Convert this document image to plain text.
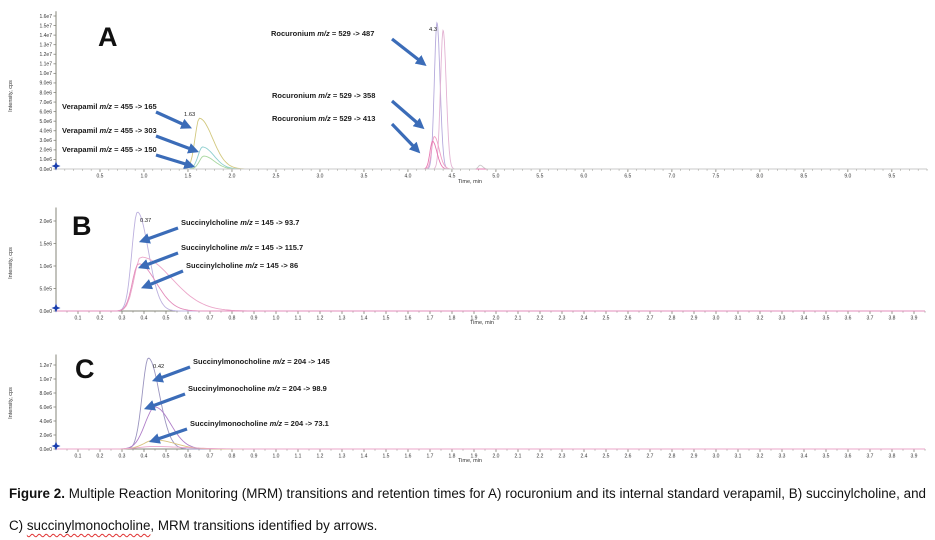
0.0e0
1.0e6
2.0e6
3.0e6
4.0e6
5.0e6
6.0e6
7.0e6
8.0e6
9.0e6
1.0e7
1.1e7
1.2e7
1.3e7
1.4e7
1.5e7
1.6e7
0.5	1.0	1.5	2.0	2.5	3.0	3.5	4.0	4.5	5.0	5.5	6.0	6.5	7.0	7.5	8.0	8.5	9.0	9.5
Time, min
Intensity, cps
A
1.63
4.3
Verapamil m/z = 455 -> 165
Verapamil m/z = 455 -> 303
Verapamil m/z = 455 -> 150
Rocuronium m/z = 529 -> 487
Rocuronium m/z = 529 -> 358
Rocuronium m/z = 529 -> 413
0.0e0
5.0e5
1.0e6
1.5e6
2.0e6
0.1	0.2	0.3	0.4	0.5	0.6	0.7	0.8	0.9	1.0	1.1	1.2	1.3	1.4	1.5	1.6	1.7	1.8	1.9	2.0	2.1	2.2	2.3	2.4	2.5	2.6	2.7	2.8	2.9	3.0	3.1	3.2	3.3	3.4	3.5	3.6	3.7	3.8	3.9
Time, min
Intensity, cps
B	0.37	Succinylcholine m/z = 145 -> 93.7
Succinylcholine m/z = 145 -> 115.7
Succinylcholine m/z = 145 -> 86
0.0e0
2.0e6
4.0e6
6.0e6
8.0e6
1.0e7
1.2e7
0.1	0.2	0.3	0.4	0.5	0.6	0.7	0.8	0.9	1.0	1.1	1.2	1.3	1.4	1.5	1.6	1.7	1.8	1.9	2.0	2.1	2.2	2.3	2.4	2.5	2.6	2.7	2.8	2.9	3.0	3.1	3.2	3.3	3.4	3.5	3.6	3.7	3.8	3.9
Time, min
Intensity, cps
C	0.42
Succinylmonocholine m/z = 204 -> 145
Succinylmonocholine m/z = 204 -> 98.9
Succinylmonocholine m/z = 204 -> 73.1

Figure 2. Multiple Reaction Monitoring (MRM) transitions and retention times for A) rocuronium and its internal standard verapamil, B) succinylcholine, and C) succinylmonocholine, MRM transitions identified by arrows.
